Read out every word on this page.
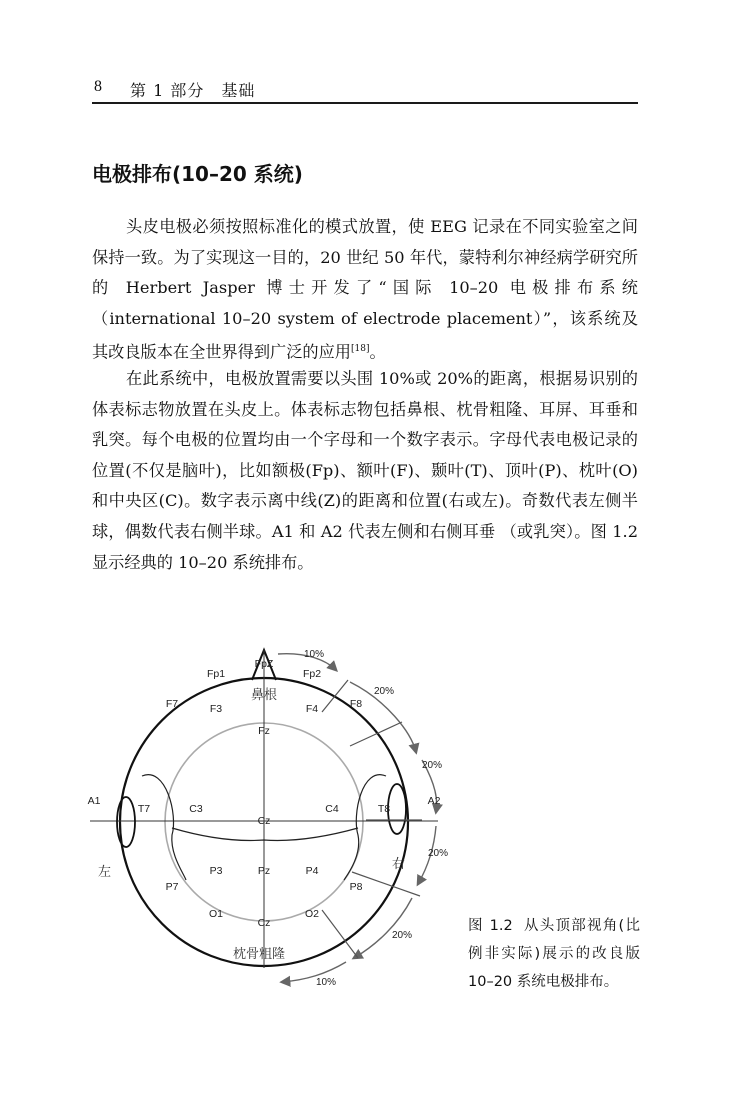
8 第 1 部分　基础
电极排布(10–20 系统)

头皮电极必须按照标准化的模式放置，使 EEG 记录在不同实验室之间保持一致。为了实现这一目的，20 世纪 50 年代，蒙特利尔神经病学研究所的 Herbert Jasper 博士开发了“国际 10–20 电极排布系统 （international 10–20 system of electrode placement）”，该系统及其改良版本在全世界得到广泛的应用[18]。

在此系统中，电极放置需要以头围 10%或 20%的距离，根据易识别的体表标志物放置在头皮上。体表标志物包括鼻根、枕骨粗隆、耳屏、耳垂和乳突。每个电极的位置均由一个字母和一个数字表示。字母代表电极记录的位置(不仅是脑叶)，比如额极(Fp)、额叶(F)、颞叶(T)、顶叶(P)、枕叶(O)和中央区(C)。数字表示离中线(Z)的距离和位置(右或左)。奇数代表左侧半球，偶数代表右侧半球。A1 和 A2 代表左侧和右侧耳垂 （或乳突）。图 1.2 显示经典的 10–20 系统排布。

鼻根
枕骨粗隆
左
右
10%
20%
20%
20%
20%
10%
FpZ
Fp1	Fp2
F7	F3
Fz
F4	F8
A1
T7	C3
Cz
C4	T8
A2
P3	Pz	P4
P7	P8
O1
Cz
O2

图 1.2 从头顶部视角(比例非实际)展示的改良版 10–20 系统电极排布。
